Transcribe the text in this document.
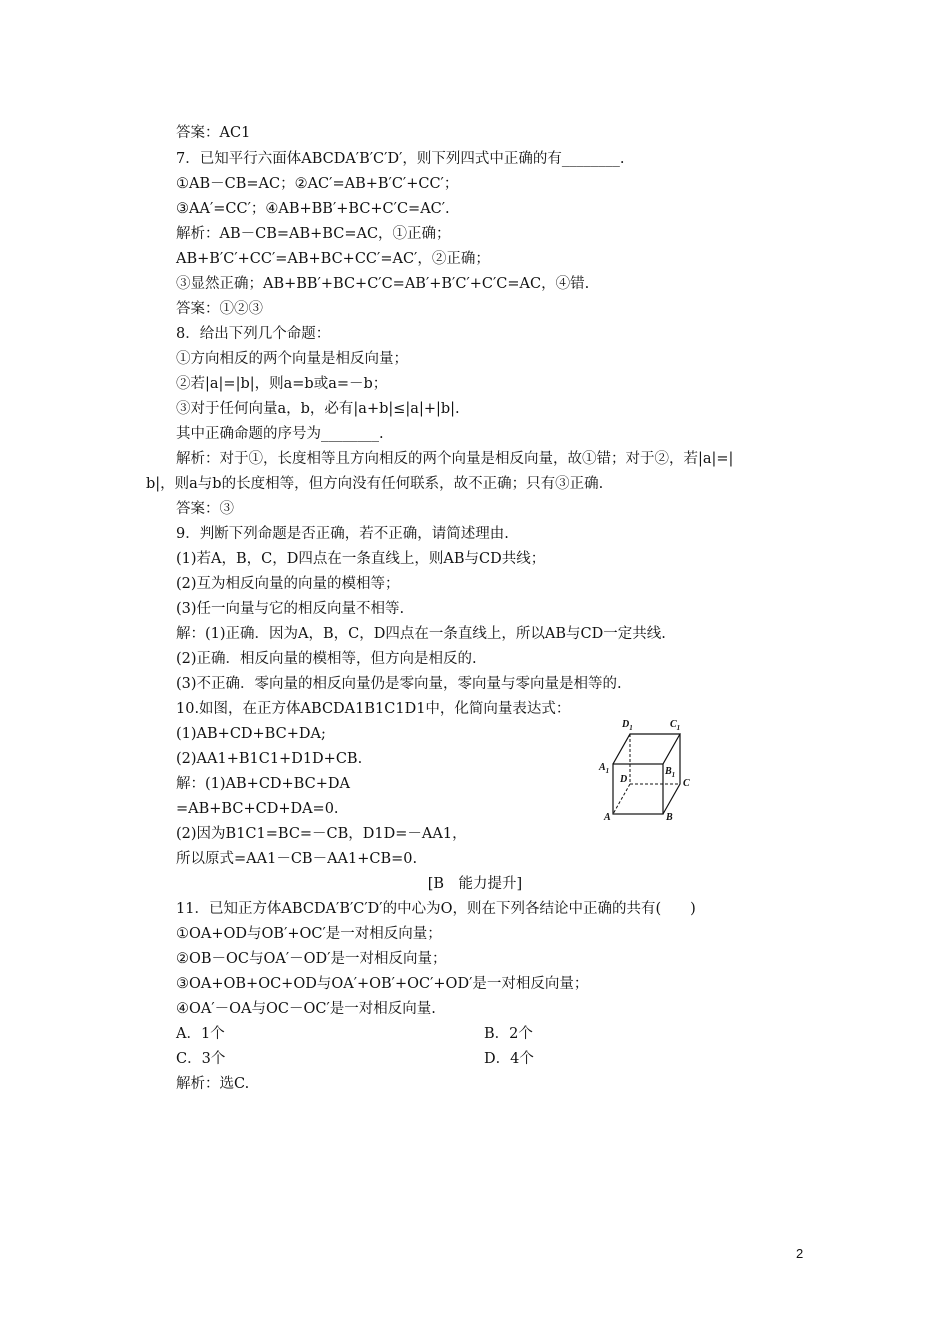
答案：AC1
7．已知平行六面体ABCDA′B′C′D′，则下列四式中正确的有________.
①AB－CB=AC；②AC′=AB+B′C′+CC′；
③AA′=CC′；④AB+BB′+BC+C′C=AC′.
解析：AB－CB=AB+BC=AC，①正确；
AB+B′C′+CC′=AB+BC+CC′=AC′，②正确；
③显然正确；AB+BB′+BC+C′C=AB′+B′C′+C′C=AC，④错.
答案：①②③
8．给出下列几个命题：
①方向相反的两个向量是相反向量；
②若|a|=|b|，则a=b或a=－b；
③对于任何向量a，b，必有|a+b|≤|a|+|b|.
其中正确命题的序号为________.
解析：对于①，长度相等且方向相反的两个向量是相反向量，故①错；对于②，若|a|=|
b|，则a与b的长度相等，但方向没有任何联系，故不正确；只有③正确.
答案：③
9．判断下列命题是否正确，若不正确，请简述理由.
(1)若A，B，C，D四点在一条直线上，则AB与CD共线；
(2)互为相反向量的向量的模相等；
(3)任一向量与它的相反向量不相等.
解：(1)正确．因为A，B，C，D四点在一条直线上，所以AB与CD一定共线.
(2)正确．相反向量的模相等，但方向是相反的.
(3)不正确．零向量的相反向量仍是零向量，零向量与零向量是相等的.
10.如图，在正方体ABCDA1B1C1D1中，化简向量表达式：
(1)AB+CD+BC+DA;
(2)AA1+B1C1+D1D+CB.
解：(1)AB+CD+BC+DA
=AB+BC+CD+DA=0.
(2)因为B1C1=BC=－CB，D1D=－AA1，
所以原式=AA1－CB－AA1+CB=0.
[B　能力提升]
11．已知正方体ABCDA′B′C′D′的中心为O，则在下列各结论中正确的共有(　　)
①OA+OD与OB′+OC′是一对相反向量；
②OB－OC与OA′－OD′是一对相反向量；
③OA+OB+OC+OD与OA′+OB′+OC′+OD′是一对相反向量；
④OA′－OA与OC－OC′是一对相反向量.
A．1个	B．2个
C．3个	D．4个
解析：选C.
$D_1$	$C_1$
$A_1$	$B_1$
D	C
A	B
2
